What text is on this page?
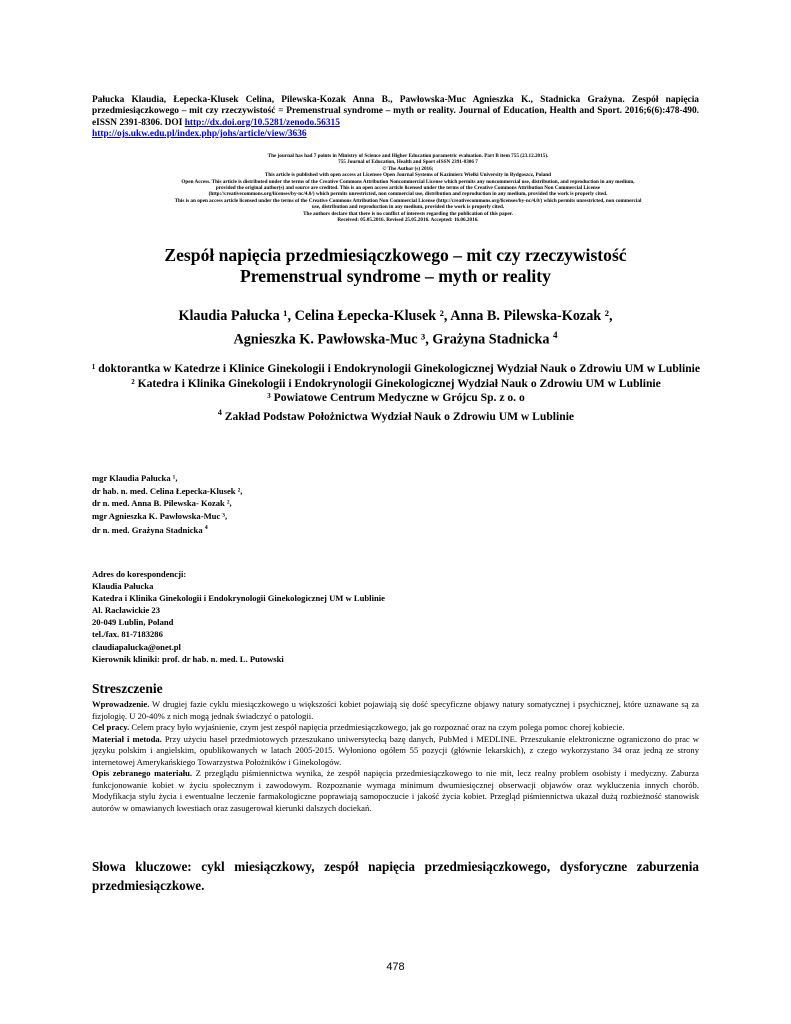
Pałucka Klaudia, Łepecka-Klusek Celina, Pilewska-Kozak Anna B., Pawłowska-Muc Agnieszka K., Stadnicka Grażyna. Zespół napięcia przedmiesiączkowego – mit czy rzeczywistość = Premenstrual syndrome – myth or reality. Journal of Education, Health and Sport. 2016;6(6):478-490. eISSN 2391-8306. DOI http://dx.doi.org/10.5281/zenodo.56315
http://ojs.ukw.edu.pl/index.php/johs/article/view/3636

The journal has had 7 points in Ministry of Science and Higher Education parametric evaluation. Part B item 755 (23.12.2015).

755 Journal of Education, Health and Sport eISSN 2391-8306 7

© The Author (s) 2016;

This article is published with open access at Licensee Open Journal Systems of Kazimierz Wielki University in Bydgoszcz, Poland

Open Access. This article is distributed under the terms of the Creative Commons Attribution Noncommercial License which permits any noncommercial use, distribution, and reproduction in any medium,

provided the original author(s) and source are credited. This is an open access article licensed under the terms of the Creative Commons Attribution Non Commercial License

(http://creativecommons.org/licenses/by-nc/4.0/) which permits unrestricted, non commercial use, distribution and reproduction in any medium, provided the work is properly cited.

This is an open access article licensed under the terms of the Creative Commons Attribution Non Commercial License (http://creativecommons.org/licenses/by-nc/4.0/) which permits unrestricted, non commercial

use, distribution and reproduction in any medium, provided the work is properly cited.

The authors declare that there is no conflict of interests regarding the publication of this paper.

Received: 05.05.2016. Revised 25.05.2016. Accepted: 16.06.2016.

Zespół napięcia przedmiesiączkowego – mit czy rzeczywistość

Premenstrual syndrome – myth or reality

Klaudia Pałucka ¹, Celina Łepecka-Klusek ², Anna B. Pilewska-Kozak ²,

Agnieszka K. Pawłowska-Muc ³, Grażyna Stadnicka $^4$

¹ doktorantka w Katedrze i Klinice Ginekologii i Endokrynologii Ginekologicznej Wydział Nauk o Zdrowiu UM w Lublinie

² Katedra i Klinika Ginekologii i Endokrynologii Ginekologicznej Wydział Nauk o Zdrowiu UM w Lublinie

³ Powiatowe Centrum Medyczne w Grójcu Sp. z o. o

$^4$ Zakład Podstaw Położnictwa Wydział Nauk o Zdrowiu UM w Lublinie

mgr Klaudia Pałucka ¹,

dr hab. n. med. Celina Łepecka-Klusek ²,

dr n. med. Anna B. Pilewska- Kozak ²,

mgr Agnieszka K. Pawłowska-Muc ³,

dr n. med. Grażyna Stadnicka $^4$

Adres do korespondencji:

Klaudia Pałucka

Katedra i Klinika Ginekologii i Endokrynologii Ginekologicznej UM w Lublinie

Al. Racławickie 23

20-049 Lublin, Poland

tel./fax. 81-7183286

claudiapalucka@onet.pl

Kierownik kliniki: prof. dr hab. n. med. L. Putowski

Streszczenie

Wprowadzenie. W drugiej fazie cyklu miesiączkowego u większości kobiet pojawiają się dość specyficzne objawy natury somatycznej i psychicznej, które uznawane są za fizjologię. U 20-40% z nich mogą jednak świadczyć o patologii.

Cel pracy. Celem pracy było wyjaśnienie, czym jest zespół napięcia przedmiesiączkowego, jak go rozpoznać oraz na czym polega pomoc chorej kobiecie.

Materiał i metoda. Przy użyciu haseł przedmiotowych przeszukano uniwersytecką bazę danych, PubMed i MEDLINE. Przeszukanie elektroniczne ograniczono do prac w języku polskim i angielskim, opublikowanych w latach 2005-2015. Wyłoniono ogółem 55 pozycji (głównie lekarskich), z czego wykorzystano 34 oraz jedną ze strony internetowej Amerykańskiego Towarzystwa Położników i Ginekologów.

Opis zebranego materiału. Z przeglądu piśmiennictwa wynika, że zespół napięcia przedmiesiączkowego to nie mit, lecz realny problem osobisty i medyczny. Zaburza funkcjonowanie kobiet w życiu społecznym i zawodowym. Rozpoznanie wymaga minimum dwumiesięcznej obserwacji objawów oraz wykluczenia innych chorób. Modyfikacja stylu życia i ewentualne leczenie farmakologiczne poprawiają samopoczucie i jakość życia kobiet. Przegląd piśmiennictwa ukazał dużą rozbieżność stanowisk autorów w omawianych kwestiach oraz zasugerował kierunki dalszych dociekań.

Słowa kluczowe: cykl miesiączkowy, zespół napięcia przedmiesiączkowego, dysforyczne zaburzenia przedmiesiączkowe.
478
